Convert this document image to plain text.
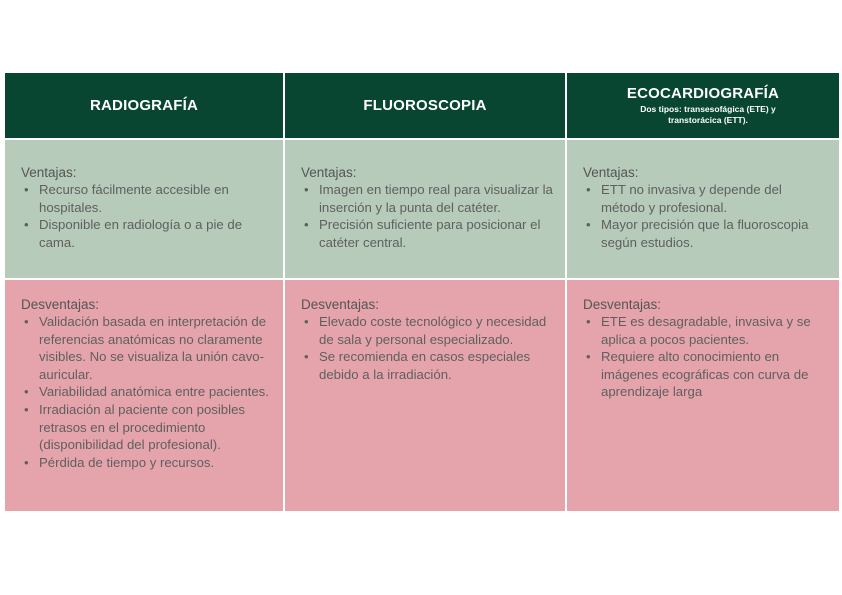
RADIOGRAFÍA	FLUOROSCOPIA
ECOCARDIOGRAFÍA
Dos tipos: transesofágica (ETE) y transtorácica (ETT).
Ventajas:
• Recurso fácilmente accesible en hospitales.
• Disponible en radiología o a pie de cama.
Ventajas:
• Imagen en tiempo real para visualizar la inserción y la punta del catéter.
• Precisión suficiente para posicionar el catéter central.
Ventajas:
• ETT no invasiva y depende del método y profesional.
• Mayor precisión que la fluoroscopia según estudios.
Desventajas:
• Validación basada en interpretación de referencias anatómicas no claramente visibles. No se visualiza la unión cavo-auricular.
• Variabilidad anatómica entre pacientes.
• Irradiación al paciente con posibles retrasos en el procedimiento (disponibilidad del profesional).
• Pérdida de tiempo y recursos.
Desventajas:
• Elevado coste tecnológico y necesidad de sala y personal especializado.
• Se recomienda en casos especiales debido a la irradiación.
Desventajas:
• ETE es desagradable, invasiva y se aplica a pocos pacientes.
• Requiere alto conocimiento en imágenes ecográficas con curva de aprendizaje larga
